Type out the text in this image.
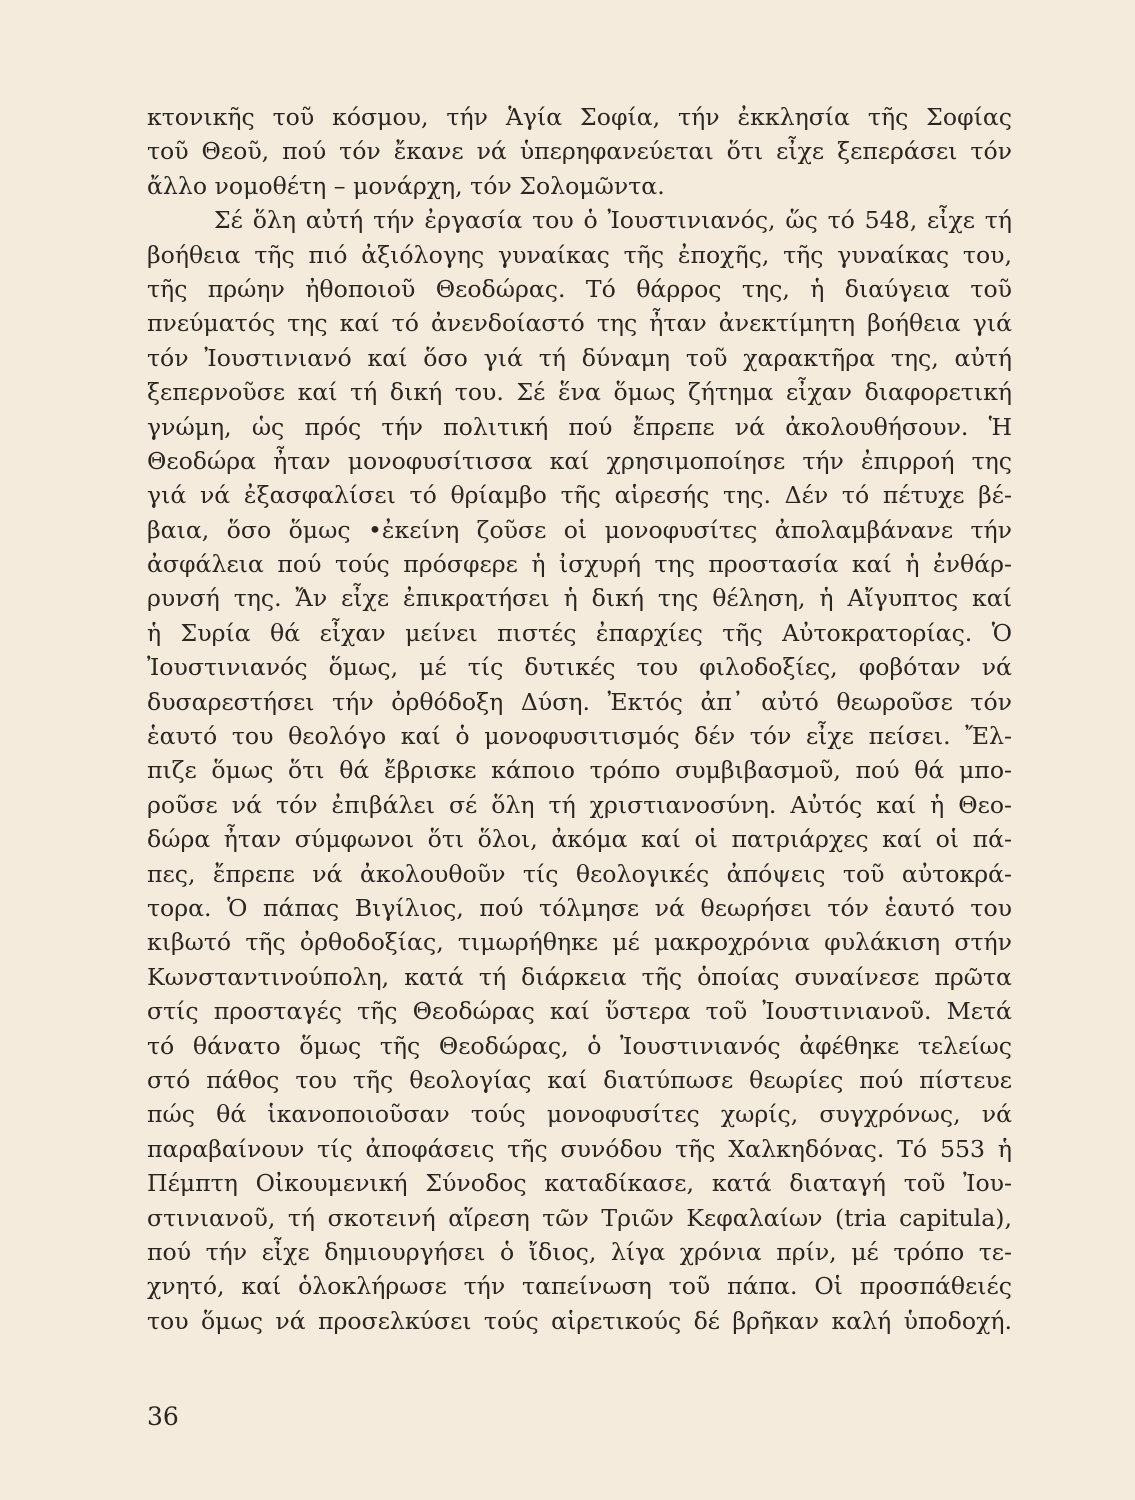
κτονικῆς τοῦ κόσμου, τήν Ἁγία Σοφία, τήν ἐκκλησία τῆς Σοφίας
τοῦ Θεοῦ, πού τόν ἔκανε νά ὑπερηφανεύεται ὅτι εἶχε ξεπεράσει τόν
ἄλλο νομοθέτη – μονάρχη, τόν Σολομῶντα.
Σέ ὅλη αὐτή τήν ἐργασία του ὁ Ἰουστινιανός, ὥς τό 548, εἶχε τή
βοήθεια τῆς πιό ἀξιόλογης γυναίκας τῆς ἐποχῆς, τῆς γυναίκας του,
τῆς πρώην ἠθοποιοῦ Θεοδώρας. Τό θάρρος της, ἡ διαύγεια τοῦ
πνεύματός της καί τό ἀνενδοίαστό της ἦταν ἀνεκτίμητη βοήθεια γιά
τόν Ἰουστινιανό καί ὅσο γιά τή δύναμη τοῦ χαρακτῆρα της, αὐτή
ξεπερνοῦσε καί τή δική του. Σέ ἕνα ὅμως ζήτημα εἶχαν διαφορετική
γνώμη, ὡς πρός τήν πολιτική πού ἔπρεπε νά ἀκολουθήσουν. Ἡ
Θεοδώρα ἦταν μονοφυσίτισσα καί χρησιμοποίησε τήν ἐπιρροή της
γιά νά ἐξασφαλίσει τό θρίαμβο τῆς αἱρεσής της. Δέν τό πέτυχε βέ-
βαια, ὅσο ὅμως •ἐκείνη ζοῦσε οἱ μονοφυσίτες ἀπολαμβάνανε τήν
ἀσφάλεια πού τούς πρόσφερε ἡ ἰσχυρή της προστασία καί ἡ ἐνθάρ-
ρυνσή της. Ἄν εἶχε ἐπικρατήσει ἡ δική της θέληση, ἡ Αἴγυπτος καί
ἡ Συρία θά εἶχαν μείνει πιστές ἐπαρχίες τῆς Αὐτοκρατορίας. Ὁ
Ἰουστινιανός ὅμως, μέ τίς δυτικές του φιλοδοξίες, φοβόταν νά
δυσαρεστήσει τήν ὀρθόδοξη Δύση. Ἐκτός ἀπ᾽ αὐτό θεωροῦσε τόν
ἑαυτό του θεολόγο καί ὁ μονοφυσιτισμός δέν τόν εἶχε πείσει. Ἔλ-
πιζε ὅμως ὅτι θά ἔβρισκε κάποιο τρόπο συμβιβασμοῦ, πού θά μπο-
ροῦσε νά τόν ἐπιβάλει σέ ὅλη τή χριστιανοσύνη. Αὐτός καί ἡ Θεο-
δώρα ἦταν σύμφωνοι ὅτι ὅλοι, ἀκόμα καί οἱ πατριάρχες καί οἱ πά-
πες, ἔπρεπε νά ἀκολουθοῦν τίς θεολογικές ἀπόψεις τοῦ αὐτοκρά-
τορα. Ὁ πάπας Βιγίλιος, πού τόλμησε νά θεωρήσει τόν ἑαυτό του
κιβωτό τῆς ὀρθοδοξίας, τιμωρήθηκε μέ μακροχρόνια φυλάκιση στήν
Κωνσταντινούπολη, κατά τή διάρκεια τῆς ὁποίας συναίνεσε πρῶτα
στίς προσταγές τῆς Θεοδώρας καί ὕστερα τοῦ Ἰουστινιανοῦ. Μετά
τό θάνατο ὅμως τῆς Θεοδώρας, ὁ Ἰουστινιανός ἀφέθηκε τελείως
στό πάθος του τῆς θεολογίας καί διατύπωσε θεωρίες πού πίστευε
πώς θά ἱκανοποιοῦσαν τούς μονοφυσίτες χωρίς, συγχρόνως, νά
παραβαίνουν τίς ἀποφάσεις τῆς συνόδου τῆς Χαλκηδόνας. Τό 553 ἡ
Πέμπτη Οἰκουμενική Σύνοδος καταδίκασε, κατά διαταγή τοῦ Ἰου-
στινιανοῦ, τή σκοτεινή αἵρεση τῶν Τριῶν Κεφαλαίων (tria capitula),
πού τήν εἶχε δημιουργήσει ὁ ἴδιος, λίγα χρόνια πρίν, μέ τρόπο τε-
χνητό, καί ὁλοκλήρωσε τήν ταπείνωση τοῦ πάπα. Οἱ προσπάθειές
του ὅμως νά προσελκύσει τούς αἱρετικούς δέ βρῆκαν καλή ὑποδοχή.
36
